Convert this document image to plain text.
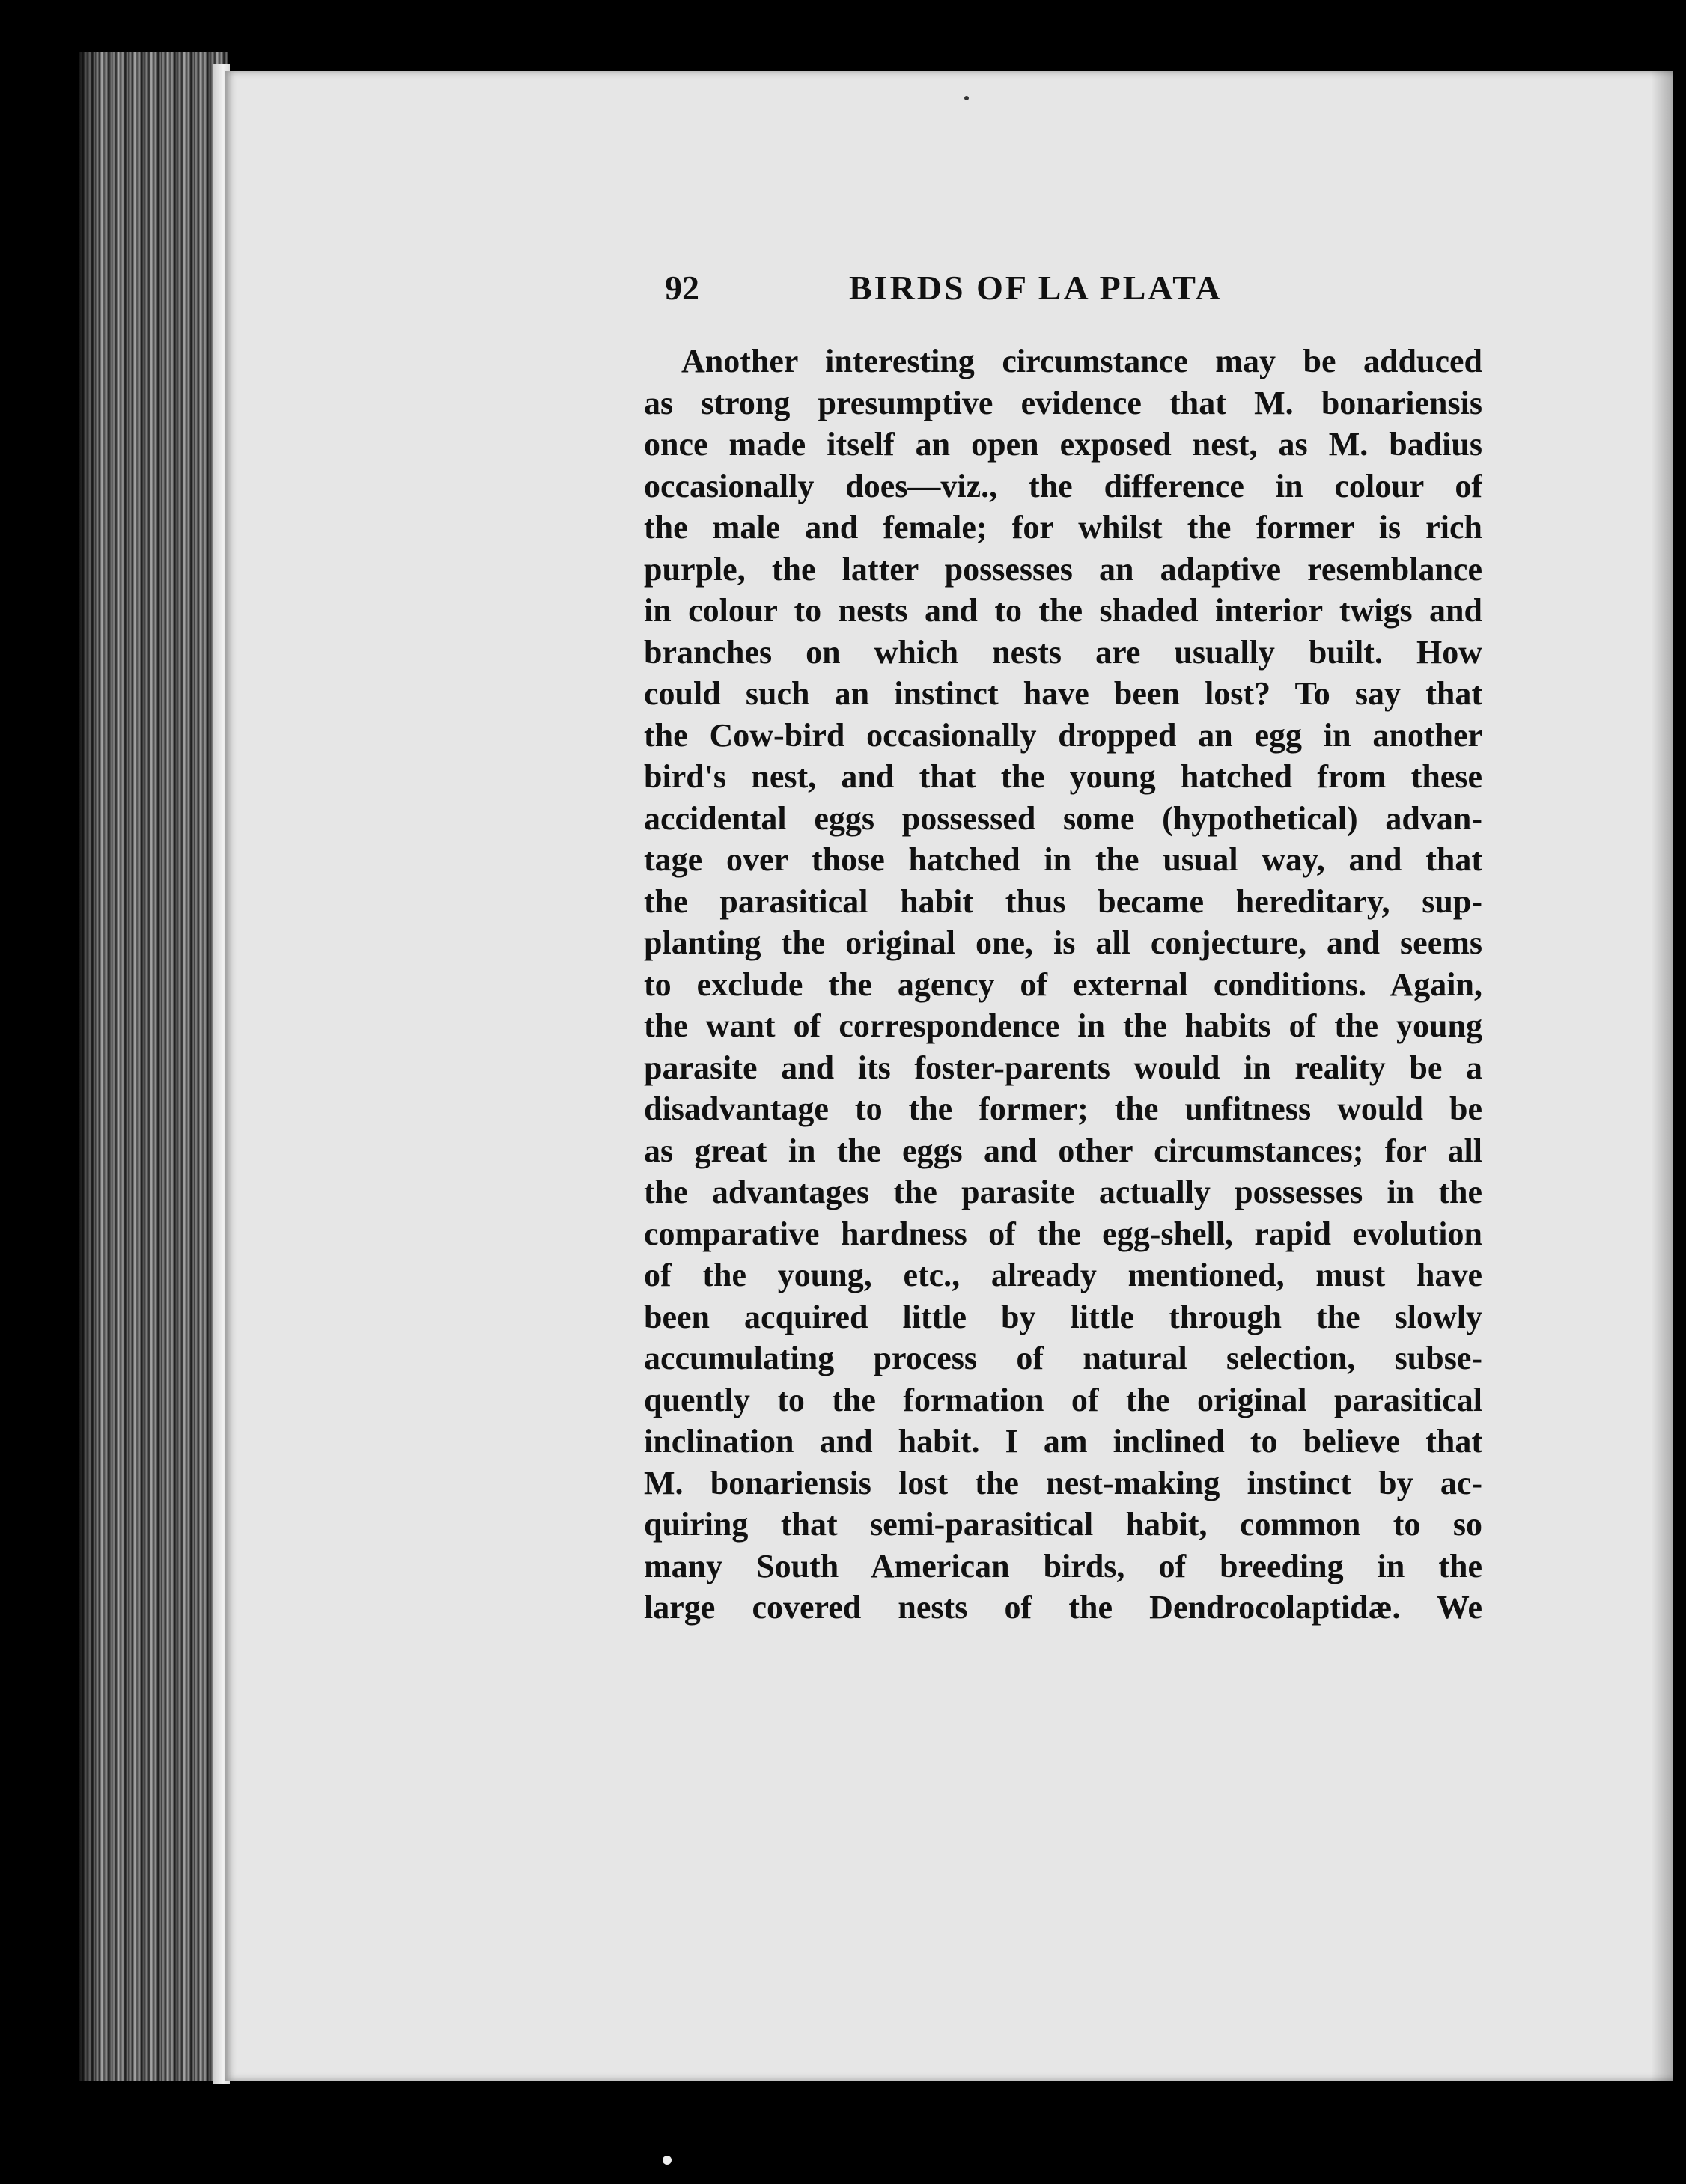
92	BIRDS OF LA PLATA
Another interesting circumstance may be adduced
as strong presumptive evidence that M. bonariensis
once made itself an open exposed nest, as M. badius
occasionally does—viz., the difference in colour of
the male and female; for whilst the former is rich
purple, the latter possesses an adaptive resemblance
in colour to nests and to the shaded interior twigs and
branches on which nests are usually built. How
could such an instinct have been lost? To say that
the Cow-bird occasionally dropped an egg in another
bird's nest, and that the young hatched from these
accidental eggs possessed some (hypothetical) advan-
tage over those hatched in the usual way, and that
the parasitical habit thus became hereditary, sup-
planting the original one, is all conjecture, and seems
to exclude the agency of external conditions. Again,
the want of correspondence in the habits of the young
parasite and its foster-parents would in reality be a
disadvantage to the former; the unfitness would be
as great in the eggs and other circumstances; for all
the advantages the parasite actually possesses in the
comparative hardness of the egg-shell, rapid evolution
of the young, etc., already mentioned, must have
been acquired little by little through the slowly
accumulating process of natural selection, subse-
quently to the formation of the original parasitical
inclination and habit. I am inclined to believe that
M. bonariensis lost the nest-making instinct by ac-
quiring that semi-parasitical habit, common to so
many South American birds, of breeding in the
large covered nests of the Dendrocolaptidæ. We
